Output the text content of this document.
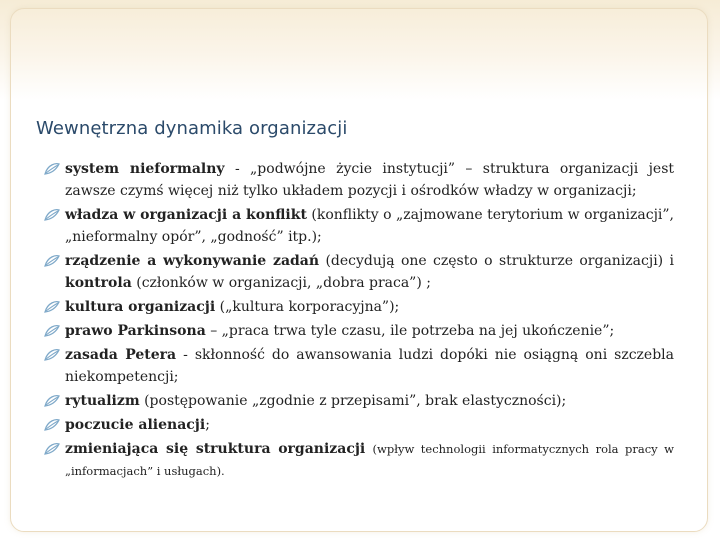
Wewnętrzna dynamika organizacji

system nieformalny - „podwójne życie instytucji” – struktura organizacji jest zawsze czymś więcej niż tylko układem pozycji i ośrodków władzy w organizacji;

władza w organizacji a konflikt (konflikty o „zajmowane terytorium w organizacji”, „nieformalny opór”, „godność” itp.);

rządzenie a wykonywanie zadań (decydują one często o strukturze organizacji) i kontrola (członków w organizacji, „dobra praca”) ;

kultura organizacji („kultura korporacyjna”);

prawo Parkinsona – „praca trwa tyle czasu, ile potrzeba na jej ukończenie”;

zasada Petera - skłonność do awansowania ludzi dopóki nie osiągną oni szczebla niekompetencji;

rytualizm (postępowanie „zgodnie z przepisami”, brak elastyczności);

poczucie alienacji;

zmieniająca się struktura organizacji (wpływ technologii informatycznych rola pracy w „informacjach” i usługach).
